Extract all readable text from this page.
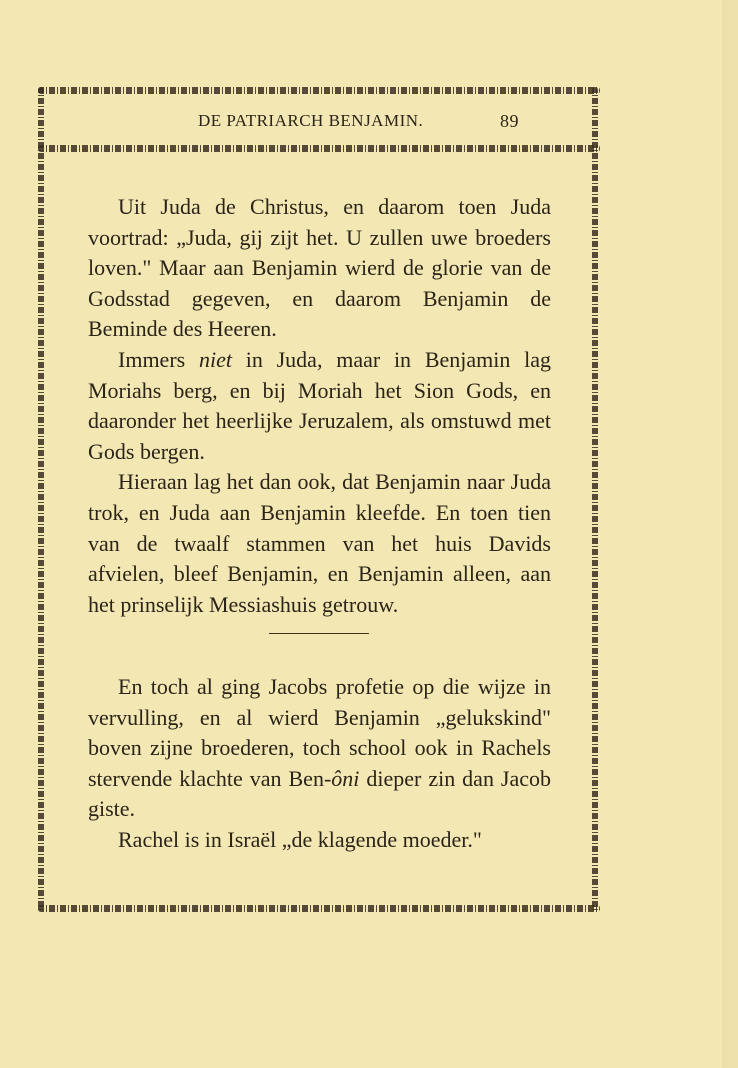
DE PATRIARCH BENJAMIN.	89

Uit Juda de Christus, en daarom toen Juda voortrad: „Juda, gij zijt het. U zullen uwe broeders loven." Maar aan Benjamin wierd de glorie van de Godsstad gegeven, en daarom Benjamin de Beminde des Heeren.

Immers niet in Juda, maar in Benjamin lag Moriahs berg, en bij Moriah het Sion Gods, en daaronder het heerlijke Jeruzalem, als omstuwd met Gods bergen.

Hieraan lag het dan ook, dat Benjamin naar Juda trok, en Juda aan Benjamin kleefde. En toen tien van de twaalf stammen van het huis Davids afvielen, bleef Benjamin, en Benjamin alleen, aan het prinselijk Messiashuis getrouw.

En toch al ging Jacobs profetie op die wijze in vervulling, en al wierd Benjamin „gelukskind" boven zijne broederen, toch school ook in Rachels stervende klachte van Ben-ôni dieper zin dan Jacob giste.

Rachel is in Israël „de klagende moeder."
